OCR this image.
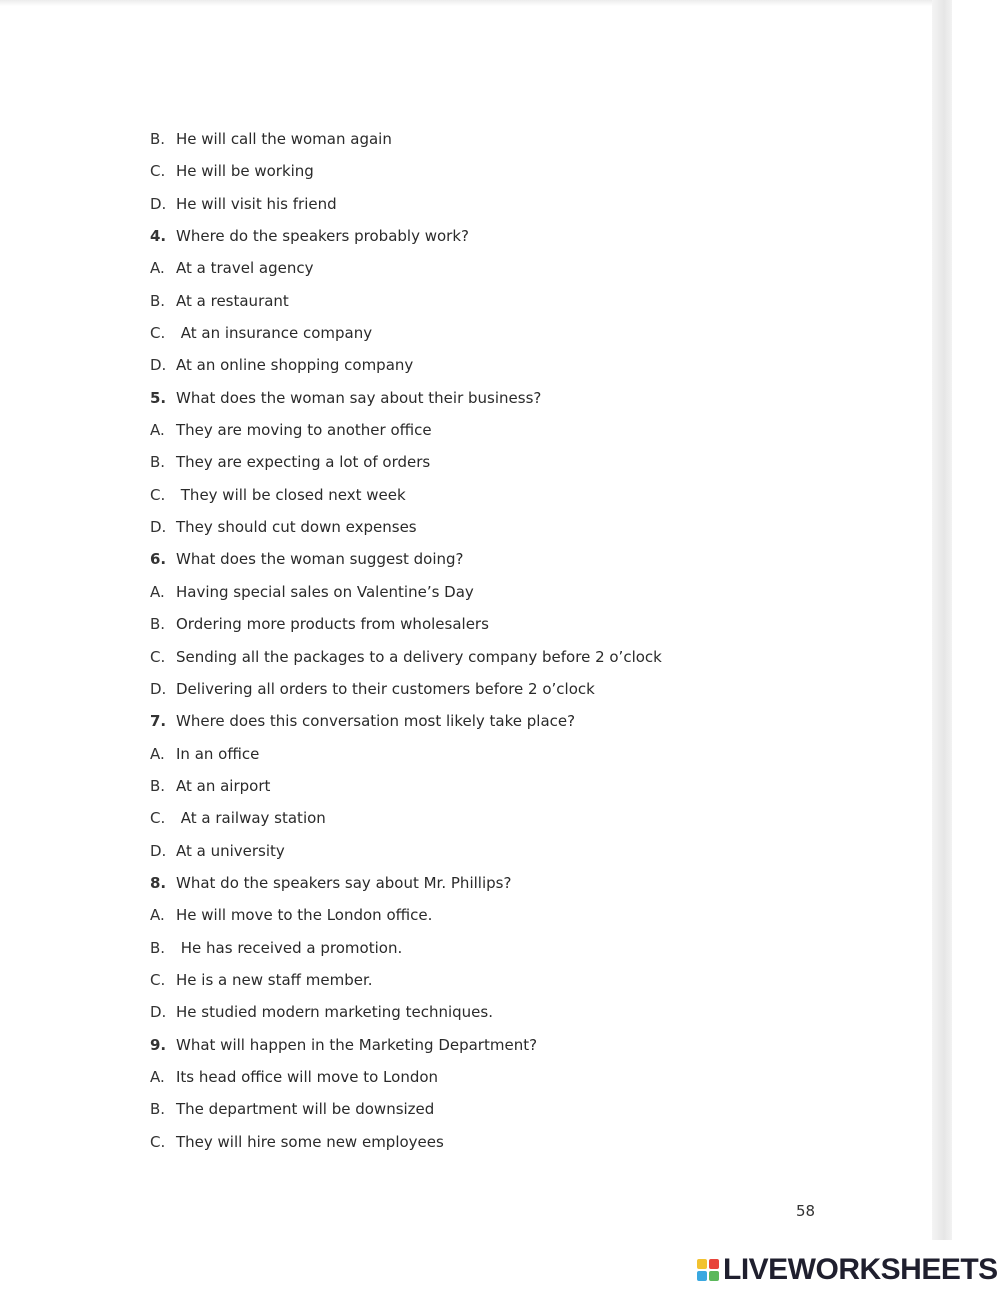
B. He will call the woman again
C. He will be working
D. He will visit his friend
4. Where do the speakers probably work?
A. At a travel agency
B. At a restaurant
C. At an insurance company
D. At an online shopping company
5. What does the woman say about their business?
A. They are moving to another office
B. They are expecting a lot of orders
C. They will be closed next week
D. They should cut down expenses
6. What does the woman suggest doing?
A. Having special sales on Valentine’s Day
B. Ordering more products from wholesalers
C. Sending all the packages to a delivery company before 2 o’clock
D. Delivering all orders to their customers before 2 o’clock
7. Where does this conversation most likely take place?
A. In an office
B. At an airport
C. At a railway station
D. At a university
8. What do the speakers say about Mr. Phillips?
A. He will move to the London office.
B. He has received a promotion.
C. He is a new staff member.
D. He studied modern marketing techniques.
9. What will happen in the Marketing Department?
A. Its head office will move to London
B. The department will be downsized
C. They will hire some new employees
58
LIVEWORKSHEETS
